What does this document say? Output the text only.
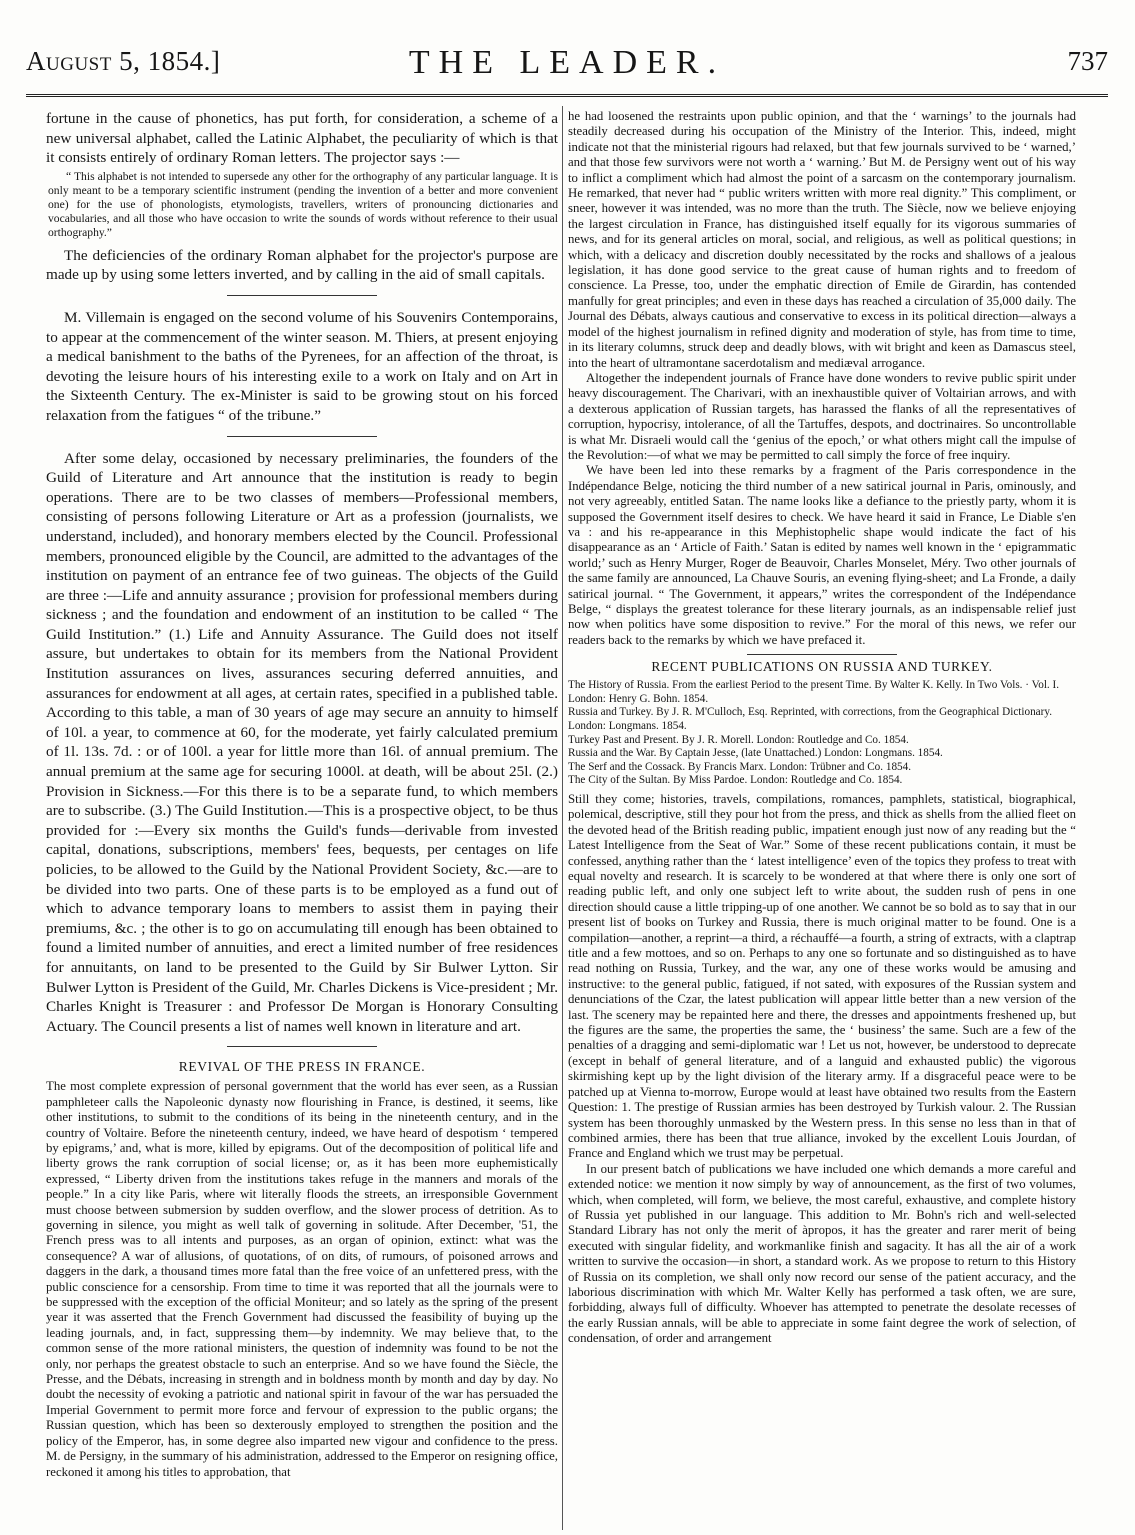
August 5, 1854.]	THE LEADER.	737

fortune in the cause of phonetics, has put forth, for consideration, a scheme of a new universal alphabet, called the Latinic Alphabet, the peculiarity of which is that it consists entirely of ordinary Roman letters. The projector says :—

“ This alphabet is not intended to supersede any other for the orthography of any particular language. It is only meant to be a temporary scientific instrument (pending the invention of a better and more convenient one) for the use of phonologists, etymologists, travellers, writers of pronouncing dictionaries and vocabularies, and all those who have occasion to write the sounds of words without reference to their usual orthography.”

The deficiencies of the ordinary Roman alphabet for the projector's purpose are made up by using some letters inverted, and by calling in the aid of small capitals.

M. Villemain is engaged on the second volume of his Souvenirs Contemporains, to appear at the commencement of the winter season. M. Thiers, at present enjoying a medical banishment to the baths of the Pyrenees, for an affection of the throat, is devoting the leisure hours of his interesting exile to a work on Italy and on Art in the Sixteenth Century. The ex-Minister is said to be growing stout on his forced relaxation from the fatigues “ of the tribune.”

After some delay, occasioned by necessary preliminaries, the founders of the Guild of Literature and Art announce that the institution is ready to begin operations. There are to be two classes of members—Professional members, consisting of persons following Literature or Art as a profession (journalists, we understand, included), and honorary members elected by the Council. Professional members, pronounced eligible by the Council, are admitted to the advantages of the institution on payment of an entrance fee of two guineas. The objects of the Guild are three :—Life and annuity assurance ; provision for professional members during sickness ; and the foundation and endowment of an institution to be called “ The Guild Institution.” (1.) Life and Annuity Assurance. The Guild does not itself assure, but undertakes to obtain for its members from the National Provident Institution assurances on lives, assurances securing deferred annuities, and assurances for endowment at all ages, at certain rates, specified in a published table. According to this table, a man of 30 years of age may secure an annuity to himself of 10l. a year, to commence at 60, for the moderate, yet fairly calculated premium of 1l. 13s. 7d. : or of 100l. a year for little more than 16l. of annual premium. The annual premium at the same age for securing 1000l. at death, will be about 25l. (2.) Provision in Sickness.—For this there is to be a separate fund, to which members are to subscribe. (3.) The Guild Institution.—This is a prospective object, to be thus provided for :—Every six months the Guild's funds—derivable from invested capital, donations, subscriptions, members' fees, bequests, per centages on life policies, to be allowed to the Guild by the National Provident Society, &c.—are to be divided into two parts. One of these parts is to be employed as a fund out of which to advance temporary loans to members to assist them in paying their premiums, &c. ; the other is to go on accumulating till enough has been obtained to found a limited number of annuities, and erect a limited number of free residences for annuitants, on land to be presented to the Guild by Sir Bulwer Lytton. Sir Bulwer Lytton is President of the Guild, Mr. Charles Dickens is Vice-president ; Mr. Charles Knight is Treasurer : and Professor De Morgan is Honorary Consulting Actuary. The Council presents a list of names well known in literature and art.

REVIVAL OF THE PRESS IN FRANCE.

The most complete expression of personal government that the world has ever seen, as a Russian pamphleteer calls the Napoleonic dynasty now flourishing in France, is destined, it seems, like other institutions, to submit to the conditions of its being in the nineteenth century, and in the country of Voltaire. Before the nineteenth century, indeed, we have heard of despotism ‘ tempered by epigrams,’ and, what is more, killed by epigrams. Out of the decomposition of political life and liberty grows the rank corruption of social license; or, as it has been more euphemistically expressed, “ Liberty driven from the institutions takes refuge in the manners and morals of the people.” In a city like Paris, where wit literally floods the streets, an irresponsible Government must choose between submersion by sudden overflow, and the slower process of detrition. As to governing in silence, you might as well talk of governing in solitude. After December, '51, the French press was to all intents and purposes, as an organ of opinion, extinct: what was the consequence? A war of allusions, of quotations, of on dits, of rumours, of poisoned arrows and daggers in the dark, a thousand times more fatal than the free voice of an unfettered press, with the public conscience for a censorship. From time to time it was reported that all the journals were to be suppressed with the exception of the official Moniteur; and so lately as the spring of the present year it was asserted that the French Government had discussed the feasibility of buying up the leading journals, and, in fact, suppressing them—by indemnity. We may believe that, to the common sense of the more rational ministers, the question of indemnity was found to be not the only, nor perhaps the greatest obstacle to such an enterprise. And so we have found the Siècle, the Presse, and the Débats, increasing in strength and in boldness month by month and day by day. No doubt the necessity of evoking a patriotic and national spirit in favour of the war has persuaded the Imperial Government to permit more force and fervour of expression to the public organs; the Russian question, which has been so dexterously employed to strengthen the position and the policy of the Emperor, has, in some degree also imparted new vigour and confidence to the press. M. de Persigny, in the summary of his administration, addressed to the Emperor on resigning office, reckoned it among his titles to approbation, that

he had loosened the restraints upon public opinion, and that the ‘ warnings’ to the journals had steadily decreased during his occupation of the Ministry of the Interior. This, indeed, might indicate not that the ministerial rigours had relaxed, but that few journals survived to be ‘ warned,’ and that those few survivors were not worth a ‘ warning.’ But M. de Persigny went out of his way to inflict a compliment which had almost the point of a sarcasm on the contemporary journalism. He remarked, that never had “ public writers written with more real dignity.” This compliment, or sneer, however it was intended, was no more than the truth. The Siècle, now we believe enjoying the largest circulation in France, has distinguished itself equally for its vigorous summaries of news, and for its general articles on moral, social, and religious, as well as political questions; in which, with a delicacy and discretion doubly necessitated by the rocks and shallows of a jealous legislation, it has done good service to the great cause of human rights and to freedom of conscience. La Presse, too, under the emphatic direction of Emile de Girardin, has contended manfully for great principles; and even in these days has reached a circulation of 35,000 daily. The Journal des Débats, always cautious and conservative to excess in its political direction—always a model of the highest journalism in refined dignity and moderation of style, has from time to time, in its literary columns, struck deep and deadly blows, with wit bright and keen as Damascus steel, into the heart of ultramontane sacerdotalism and mediæval arrogance.

Altogether the independent journals of France have done wonders to revive public spirit under heavy discouragement. The Charivari, with an inexhaustible quiver of Voltairian arrows, and with a dexterous application of Russian targets, has harassed the flanks of all the representatives of corruption, hypocrisy, intolerance, of all the Tartuffes, despots, and doctrinaires. So uncontrollable is what Mr. Disraeli would call the ‘genius of the epoch,’ or what others might call the impulse of the Revolution:—of what we may be permitted to call simply the force of free inquiry.

We have been led into these remarks by a fragment of the Paris correspondence in the Indépendance Belge, noticing the third number of a new satirical journal in Paris, ominously, and not very agreeably, entitled Satan. The name looks like a defiance to the priestly party, whom it is supposed the Government itself desires to check. We have heard it said in France, Le Diable s'en va : and his re-appearance in this Mephistophelic shape would indicate the fact of his disappearance as an ‘ Article of Faith.’ Satan is edited by names well known in the ‘ epigrammatic world;’ such as Henry Murger, Roger de Beauvoir, Charles Monselet, Méry. Two other journals of the same family are announced, La Chauve Souris, an evening flying-sheet; and La Fronde, a daily satirical journal. “ The Government, it appears,” writes the correspondent of the Indépendance Belge, “ displays the greatest tolerance for these literary journals, as an indispensable relief just now when politics have some disposition to revive.” For the moral of this news, we refer our readers back to the remarks by which we have prefaced it.

RECENT PUBLICATIONS ON RUSSIA AND TURKEY.
The History of Russia. From the earliest Period to the present Time. By Walter K. Kelly. In Two Vols. · Vol. I. London: Henry G. Bohn. 1854.
Russia and Turkey. By J. R. M'Culloch, Esq. Reprinted, with corrections, from the Geographical Dictionary. London: Longmans. 1854.
Turkey Past and Present. By J. R. Morell. London: Routledge and Co. 1854.
Russia and the War. By Captain Jesse, (late Unattached.) London: Longmans. 1854.
The Serf and the Cossack. By Francis Marx. London: Trübner and Co. 1854.
The City of the Sultan. By Miss Pardoe. London: Routledge and Co. 1854.

Still they come; histories, travels, compilations, romances, pamphlets, statistical, biographical, polemical, descriptive, still they pour hot from the press, and thick as shells from the allied fleet on the devoted head of the British reading public, impatient enough just now of any reading but the “ Latest Intelligence from the Seat of War.” Some of these recent publications contain, it must be confessed, anything rather than the ‘ latest intelligence’ even of the topics they profess to treat with equal novelty and research. It is scarcely to be wondered at that where there is only one sort of reading public left, and only one subject left to write about, the sudden rush of pens in one direction should cause a little tripping-up of one another. We cannot be so bold as to say that in our present list of books on Turkey and Russia, there is much original matter to be found. One is a compilation—another, a reprint—a third, a réchauffé—a fourth, a string of extracts, with a claptrap title and a few mottoes, and so on. Perhaps to any one so fortunate and so distinguished as to have read nothing on Russia, Turkey, and the war, any one of these works would be amusing and instructive: to the general public, fatigued, if not sated, with exposures of the Russian system and denunciations of the Czar, the latest publication will appear little better than a new version of the last. The scenery may be repainted here and there, the dresses and appointments freshened up, but the figures are the same, the properties the same, the ‘ business’ the same. Such are a few of the penalties of a dragging and semi-diplomatic war ! Let us not, however, be understood to deprecate (except in behalf of general literature, and of a languid and exhausted public) the vigorous skirmishing kept up by the light division of the literary army. If a disgraceful peace were to be patched up at Vienna to-morrow, Europe would at least have obtained two results from the Eastern Question: 1. The prestige of Russian armies has been destroyed by Turkish valour. 2. The Russian system has been thoroughly unmasked by the Western press. In this sense no less than in that of combined armies, there has been that true alliance, invoked by the excellent Louis Jourdan, of France and England which we trust may be perpetual.

In our present batch of publications we have included one which demands a more careful and extended notice: we mention it now simply by way of announcement, as the first of two volumes, which, when completed, will form, we believe, the most careful, exhaustive, and complete history of Russia yet published in our language. This addition to Mr. Bohn's rich and well-selected Standard Library has not only the merit of àpropos, it has the greater and rarer merit of being executed with singular fidelity, and workmanlike finish and sagacity. It has all the air of a work written to survive the occasion—in short, a standard work. As we propose to return to this History of Russia on its completion, we shall only now record our sense of the patient accuracy, and the laborious discrimination with which Mr. Walter Kelly has performed a task often, we are sure, forbidding, always full of difficulty. Whoever has attempted to penetrate the desolate recesses of the early Russian annals, will be able to appreciate in some faint degree the work of selection, of condensation, of order and arrangement
